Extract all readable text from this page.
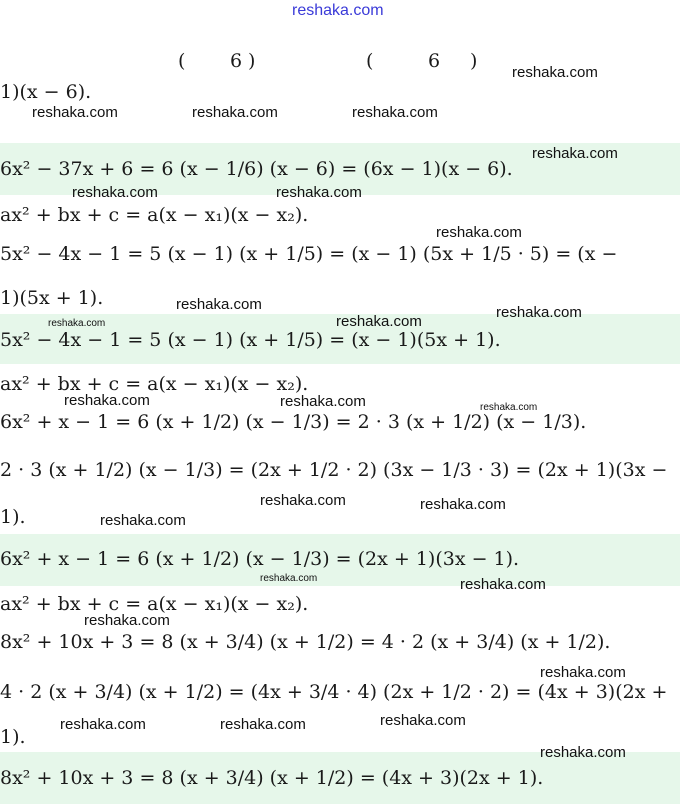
( 6 )	(	6 )
1)(x − 6).
6x² − 37x + 6 = 6 (x − 1/6) (x − 6) = (6x − 1)(x − 6).
ax² + bx + c = a(x − x₁)(x − x₂).
5x² − 4x − 1 = 5 (x − 1) (x + 1/5) = (x − 1) (5x + 1/5 · 5) = (x −
1)(5x + 1).
5x² − 4x − 1 = 5 (x − 1) (x + 1/5) = (x − 1)(5x + 1).
ax² + bx + c = a(x − x₁)(x − x₂).
6x² + x − 1 = 6 (x + 1/2) (x − 1/3) = 2 · 3 (x + 1/2) (x − 1/3).
2 · 3 (x + 1/2) (x − 1/3) = (2x + 1/2 · 2) (3x − 1/3 · 3) = (2x + 1)(3x −
1).
6x² + x − 1 = 6 (x + 1/2) (x − 1/3) = (2x + 1)(3x − 1).
ax² + bx + c = a(x − x₁)(x − x₂).
8x² + 10x + 3 = 8 (x + 3/4) (x + 1/2) = 4 · 2 (x + 3/4) (x + 1/2).
4 · 2 (x + 3/4) (x + 1/2) = (4x + 3/4 · 4) (2x + 1/2 · 2) = (4x + 3)(2x +
1).
8x² + 10x + 3 = 8 (x + 3/4) (x + 1/2) = (4x + 3)(2x + 1).
reshaka.com
reshaka.com
reshaka.com	reshaka.com	reshaka.com
reshaka.com
reshaka.com	reshaka.com
reshaka.com
reshaka.com	reshaka.com
reshaka.com	reshaka.com
reshaka.com	reshaka.com	reshaka.com
reshaka.com	reshaka.com
reshaka.com
reshaka.com	reshaka.com
reshaka.com
reshaka.com
reshaka.com	reshaka.com	reshaka.com
reshaka.com
